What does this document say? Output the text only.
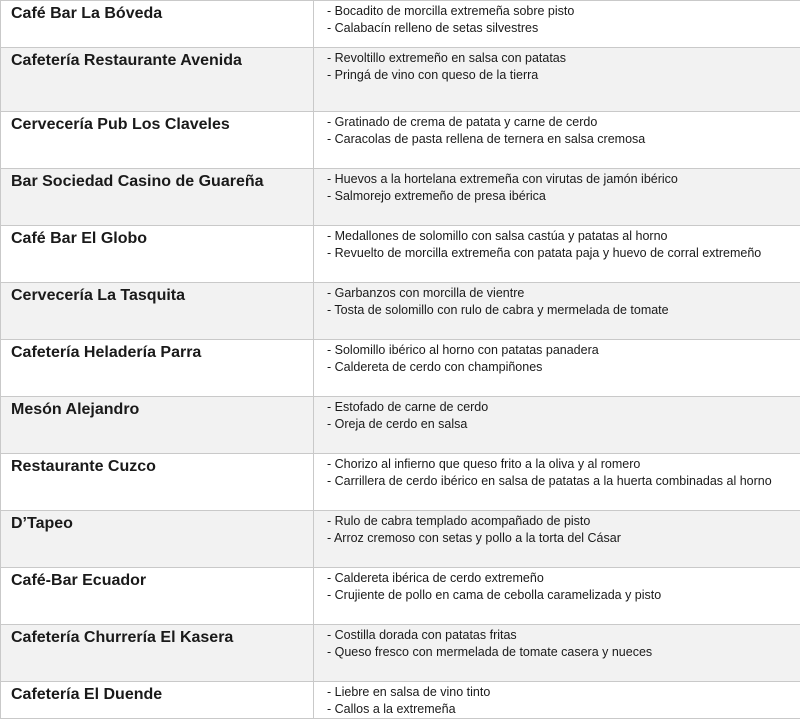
Café Bar La Bóveda	- Bocadito de morcilla extremeña sobre pisto
- Calabacín relleno de setas silvestres

Cafetería Restaurante Avenida	- Revoltillo extremeño en salsa con patatas
- Pringá de vino con queso de la tierra

Cervecería Pub Los Claveles	- Gratinado de crema de patata y carne de cerdo
- Caracolas de pasta rellena de ternera en salsa cremosa

Bar Sociedad Casino de Guareña	- Huevos a la hortelana extremeña con virutas de jamón ibérico
- Salmorejo extremeño de presa ibérica

Café Bar El Globo	- Medallones de solomillo con salsa castúa y patatas al horno
- Revuelto de morcilla extremeña con patata paja y huevo de corral extremeño

Cervecería La Tasquita	- Garbanzos con morcilla de vientre
- Tosta de solomillo con rulo de cabra y mermelada de tomate

Cafetería Heladería Parra	- Solomillo ibérico al horno con patatas panadera
- Caldereta de cerdo con champiñones

Mesón Alejandro	- Estofado de carne de cerdo
- Oreja de cerdo en salsa

Restaurante Cuzco	- Chorizo al infierno que queso frito a la oliva y al romero
- Carrillera de cerdo ibérico en salsa de patatas a la huerta combinadas al horno

D’Tapeo	- Rulo de cabra templado acompañado de pisto
- Arroz cremoso con setas y pollo a la torta del Cásar

Café-Bar Ecuador	- Caldereta ibérica de cerdo extremeño
- Crujiente de pollo en cama de cebolla caramelizada y pisto

Cafetería Churrería El Kasera	- Costilla dorada con patatas fritas
- Queso fresco con mermelada de tomate casera y nueces

Cafetería El Duende	- Liebre en salsa de vino tinto
- Callos a la extremeña
